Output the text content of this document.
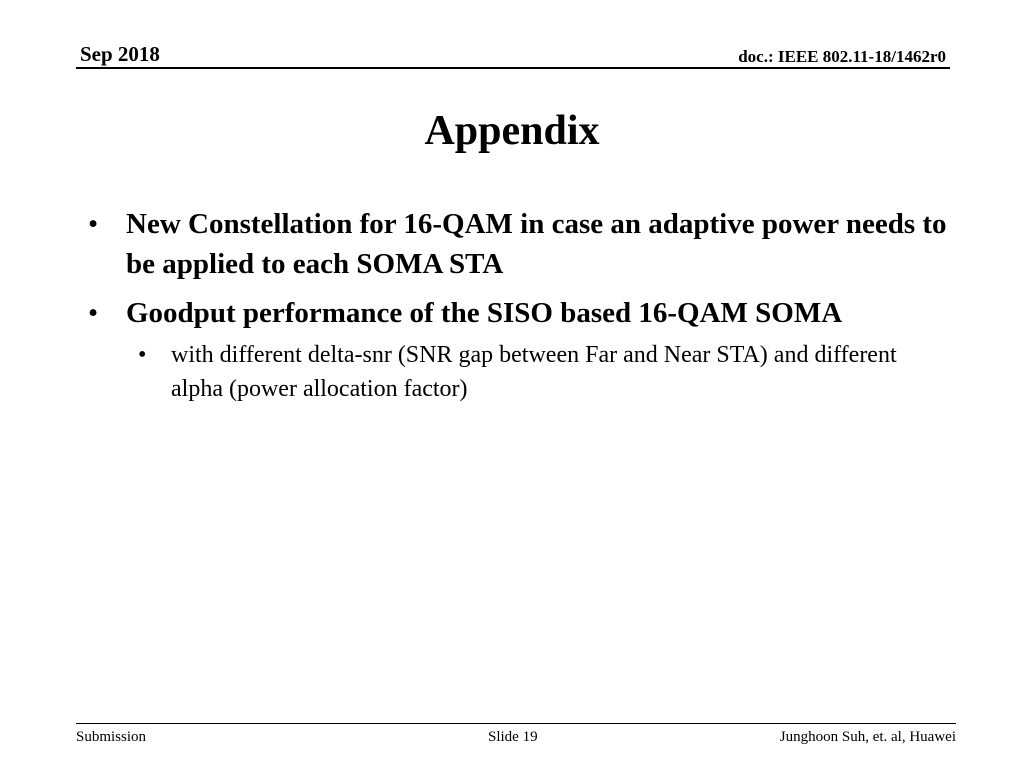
Sep 2018	doc.: IEEE 802.11-18/1462r0
Appendix
• New Constellation for 16-QAM in case an adaptive power needs to be applied to each SOMA STA
• Goodput performance of the SISO based 16-QAM SOMA
• with different delta-snr (SNR gap between Far and Near STA) and different alpha (power allocation factor)
Submission	Slide 19	Junghoon Suh, et. al, Huawei
